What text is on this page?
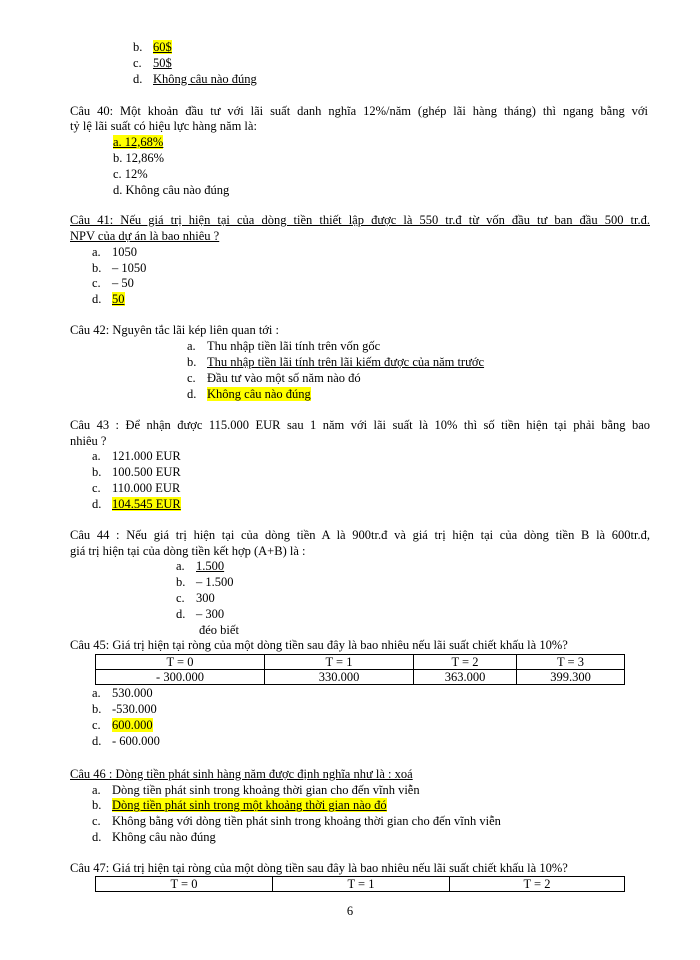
b. 60$
c. 50$
d. Không câu nào đúng
Câu 40: Một khoản đầu tư với lãi suất danh nghĩa 12%/năm (ghép lãi hàng tháng) thì ngang bằng với
tỷ lệ lãi suất có hiệu lực hàng năm là:
a. 12,68%
b. 12,86%
c. 12%
d. Không câu nào đúng
Câu 41: Nếu giá trị hiện tại của dòng tiền thiết lập được là 550 tr.đ từ vốn đầu tư ban đầu 500 tr.đ.
NPV của dự án là bao nhiêu ?
a. 1050
b. – 1050
c. – 50
d. 50
Câu 42: Nguyên tắc lãi kép liên quan tới :
a. Thu nhập tiền lãi tính trên vốn gốc
b. Thu nhập tiền lãi tính trên lãi kiếm được của năm trước
c. Đầu tư vào một số năm nào đó
d. Không câu nào đúng
Câu 43 : Để nhận được 115.000 EUR sau 1 năm với lãi suất là 10% thì số tiền hiện tại phải bằng bao
nhiêu ?
a. 121.000 EUR
b. 100.500 EUR
c. 110.000 EUR
d. 104.545 EUR
Câu 44 : Nếu giá trị hiện tại của dòng tiền A là 900tr.đ và giá trị hiện tại của dòng tiền B là 600tr.đ,
giá trị hiện tại của dòng tiền kết hợp (A+B) là :
a. 1.500
b. – 1.500
c. 300
d. – 300
đéo biết
Câu 45: Giá trị hiện tại ròng của một dòng tiền sau đây là bao nhiêu nếu lãi suất chiết khấu là 10%?
T = 0	T = 1	T = 2	T = 3
- 300.000	330.000	363.000	399.300
a. 530.000
b. -530.000
c. 600.000
d. - 600.000
Câu 46 : Dòng tiền phát sinh hàng năm được định nghĩa như là : xoá
a. Dòng tiền phát sinh trong khoảng thời gian cho đến vĩnh viễn
b. Dòng tiền phát sinh trong một khoảng thời gian nào đó
c. Không bằng với dòng tiền phát sinh trong khoảng thời gian cho đến vĩnh viễn
d. Không câu nào đúng
Câu 47: Giá trị hiện tại ròng của một dòng tiền sau đây là bao nhiêu nếu lãi suất chiết khấu là 10%?
T = 0	T = 1	T = 2
6
